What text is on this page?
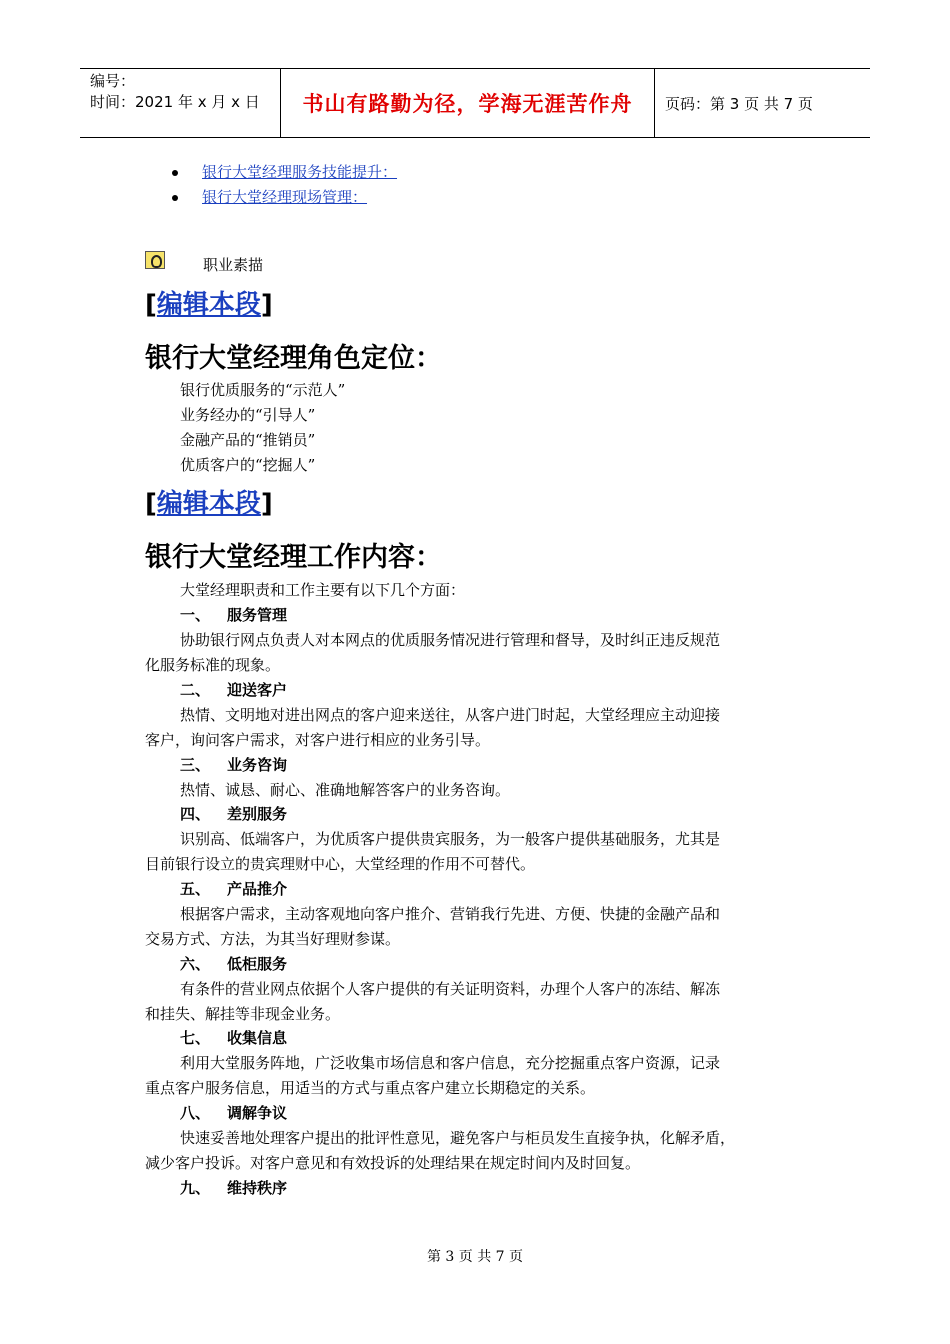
编号：
时间：2021 年 x 月 x 日	书山有路勤为径，学海无涯苦作舟 页码：第 3 页 共 7 页
银行大堂经理服务技能提升：
银行大堂经理现场管理：
职业素描
[编辑本段]
银行大堂经理角色定位：
银行优质服务的“示范人”
业务经办的“引导人”
金融产品的“推销员”
优质客户的“挖掘人”
[编辑本段]
银行大堂经理工作内容：
大堂经理职责和工作主要有以下几个方面：
一、 服务管理
协助银行网点负责人对本网点的优质服务情况进行管理和督导，及时纠正违反规范
化服务标准的现象。
二、 迎送客户
热情、文明地对进出网点的客户迎来送往，从客户进门时起，大堂经理应主动迎接
客户，询问客户需求，对客户进行相应的业务引导。
三、 业务咨询
热情、诚恳、耐心、准确地解答客户的业务咨询。
四、 差别服务
识别高、低端客户，为优质客户提供贵宾服务，为一般客户提供基础服务，尤其是
目前银行设立的贵宾理财中心，大堂经理的作用不可替代。
五、 产品推介
根据客户需求，主动客观地向客户推介、营销我行先进、方便、快捷的金融产品和
交易方式、方法，为其当好理财参谋。
六、 低柜服务
有条件的营业网点依据个人客户提供的有关证明资料，办理个人客户的冻结、解冻
和挂失、解挂等非现金业务。
七、 收集信息
利用大堂服务阵地，广泛收集市场信息和客户信息，充分挖掘重点客户资源，记录
重点客户服务信息，用适当的方式与重点客户建立长期稳定的关系。
八、 调解争议
快速妥善地处理客户提出的批评性意见，避免客户与柜员发生直接争执，化解矛盾，
减少客户投诉。对客户意见和有效投诉的处理结果在规定时间内及时回复。
九、 维持秩序
第 3 页 共 7 页
